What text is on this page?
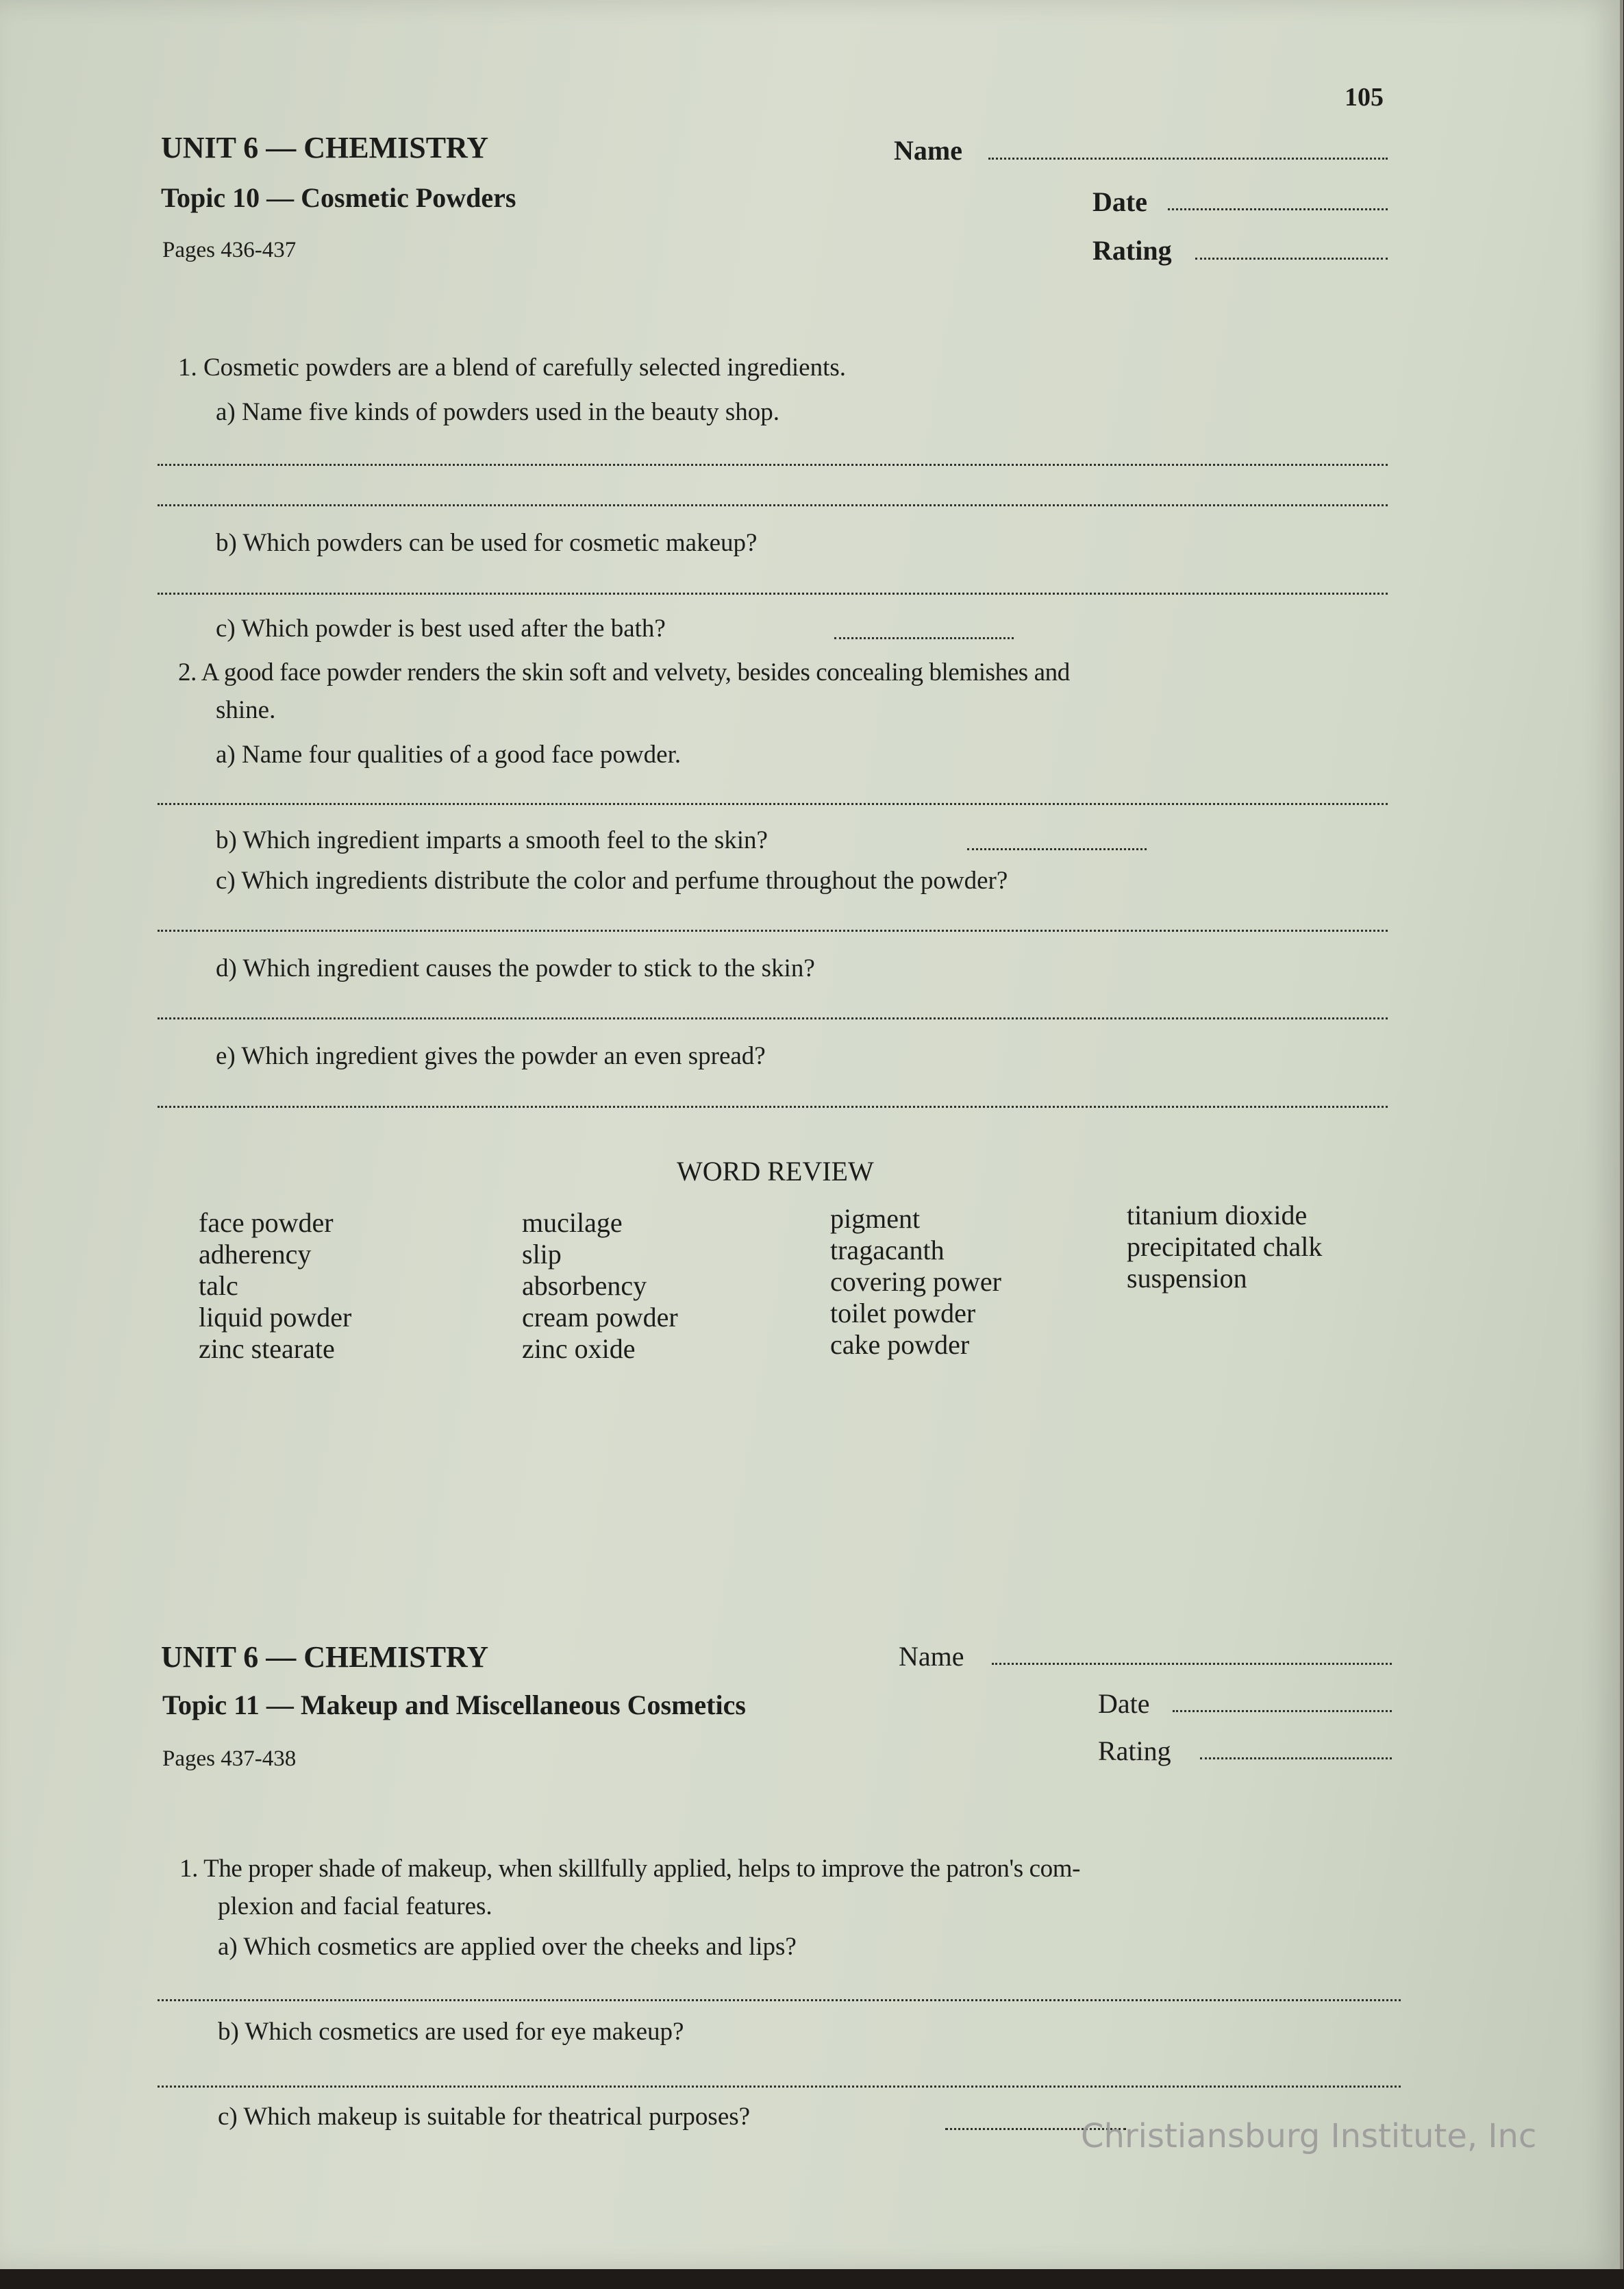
105
UNIT 6 — CHEMISTRY
Topic 10 — Cosmetic Powders
Pages 436-437
Name
Date
Rating
1. Cosmetic powders are a blend of carefully selected ingredients.
a) Name five kinds of powders used in the beauty shop.
b) Which powders can be used for cosmetic makeup?
c) Which powder is best used after the bath?
2. A good face powder renders the skin soft and velvety, besides concealing blemishes and
shine.
a) Name four qualities of a good face powder.
b) Which ingredient imparts a smooth feel to the skin?
c) Which ingredients distribute the color and perfume throughout the powder?
d) Which ingredient causes the powder to stick to the skin?
e) Which ingredient gives the powder an even spread?
WORD REVIEW
face powder
adherency
talc
liquid powder
zinc stearate
mucilage
slip
absorbency
cream powder
zinc oxide
pigment
tragacanth
covering power
toilet powder
cake powder
titanium dioxide
precipitated chalk
suspension
UNIT 6 — CHEMISTRY
Topic 11 — Makeup and Miscellaneous Cosmetics
Pages 437-438
Name
Date
Rating
1. The proper shade of makeup, when skillfully applied, helps to improve the patron's com-
plexion and facial features.
a) Which cosmetics are applied over the cheeks and lips?
b) Which cosmetics are used for eye makeup?
c) Which makeup is suitable for theatrical purposes?
Christiansburg Institute, Inc
